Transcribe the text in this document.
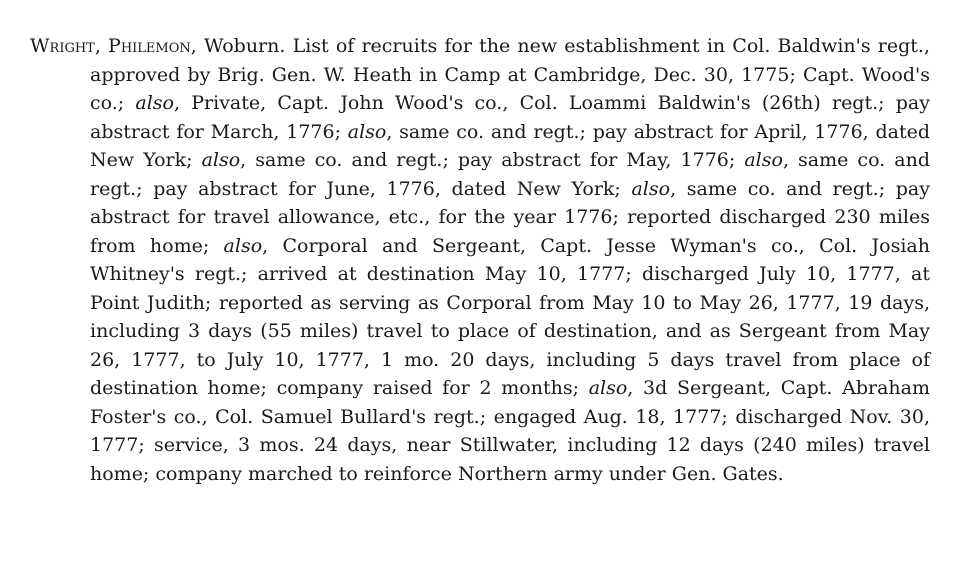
Wright, Philemon, Woburn. List of recruits for the new establishment in Col. Baldwin's regt., approved by Brig. Gen. W. Heath in Camp at Cambridge, Dec. 30, 1775; Capt. Wood's co.; also, Private, Capt. John Wood's co., Col. Loammi Baldwin's (26th) regt.; pay abstract for March, 1776; also, same co. and regt.; pay abstract for April, 1776, dated New York; also, same co. and regt.; pay abstract for May, 1776; also, same co. and regt.; pay abstract for June, 1776, dated New York; also, same co. and regt.; pay abstract for travel allowance, etc., for the year 1776; reported discharged 230 miles from home; also, Corporal and Sergeant, Capt. Jesse Wyman's co., Col. Josiah Whitney's regt.; arrived at destination May 10, 1777; discharged July 10, 1777, at Point Judith; reported as serving as Corporal from May 10 to May 26, 1777, 19 days, including 3 days (55 miles) travel to place of destination, and as Sergeant from May 26, 1777, to July 10, 1777, 1 mo. 20 days, including 5 days travel from place of destination home; company raised for 2 months; also, 3d Sergeant, Capt. Abraham Foster's co., Col. Samuel Bullard's regt.; engaged Aug. 18, 1777; discharged Nov. 30, 1777; service, 3 mos. 24 days, near Stillwater, including 12 days (240 miles) travel home; company marched to reinforce Northern army under Gen. Gates.
